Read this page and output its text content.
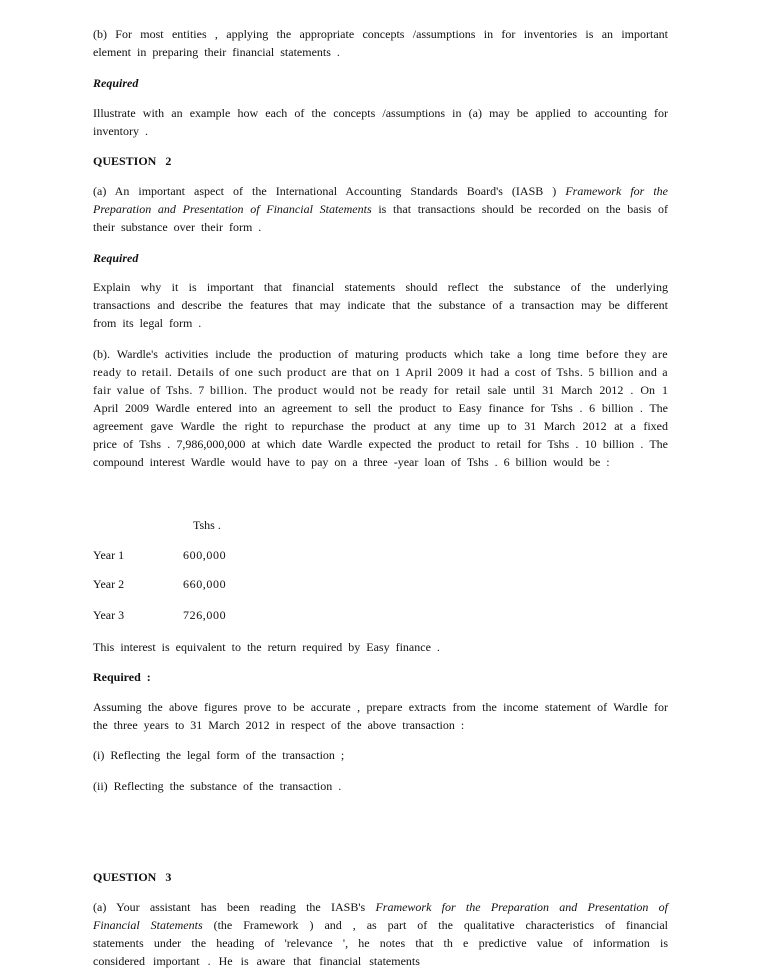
(b) For most entities , applying the appropriate concepts /assumptions in for inventories is an important element in preparing their financial statements .

Required

Illustrate with an example how each of the concepts /assumptions in (a) may be applied to accounting for inventory .

QUESTION 2

(a) An important aspect of the International Accounting Standards Board's (IASB ) Framework for the Preparation and Presentation of Financial Statements is that transactions should be recorded on the basis of their substance over their form .

Required

Explain why it is important that financial statements should reflect the substance of the underlying transactions and describe the features that may indicate that the substance of a transaction may be different from its legal form .

(b). Wardle's activities include the production of maturing products which take a long time before they are ready to retail. Details of one such product are that on 1 April 2009 it had a cost of Tshs. 5 billion and a fair value of Tshs. 7 billion. The product would not be ready for retail sale until 31 March 2012 . On 1 April 2009 Wardle entered into an agreement to sell the product to Easy finance for Tshs . 6 billion . The agreement gave Wardle the right to repurchase the product at any time up to 31 March 2012 at a fixed price of Tshs . 7,986,000,000 at which date Wardle expected the product to retail for Tshs . 10 billion . The compound interest Wardle would have to pay on a three -year loan of Tshs . 6 billion would be :

Tshs .
Year 1	600,000
Year 2	660,000
Year 3	726,000

This interest is equivalent to the return required by Easy finance .

Required :

Assuming the above figures prove to be accurate , prepare extracts from the income statement of Wardle for the three years to 31 March 2012 in respect of the above transaction :

(i) Reflecting the legal form of the transaction ;

(ii) Reflecting the substance of the transaction .

QUESTION 3

(a) Your assistant has been reading the IASB's Framework for the Preparation and Presentation of Financial Statements (the Framework ) and , as part of the qualitative characteristics of financial statements under the heading of 'relevance ', he notes that th e predictive value of information is considered important . He is aware that financial statements
